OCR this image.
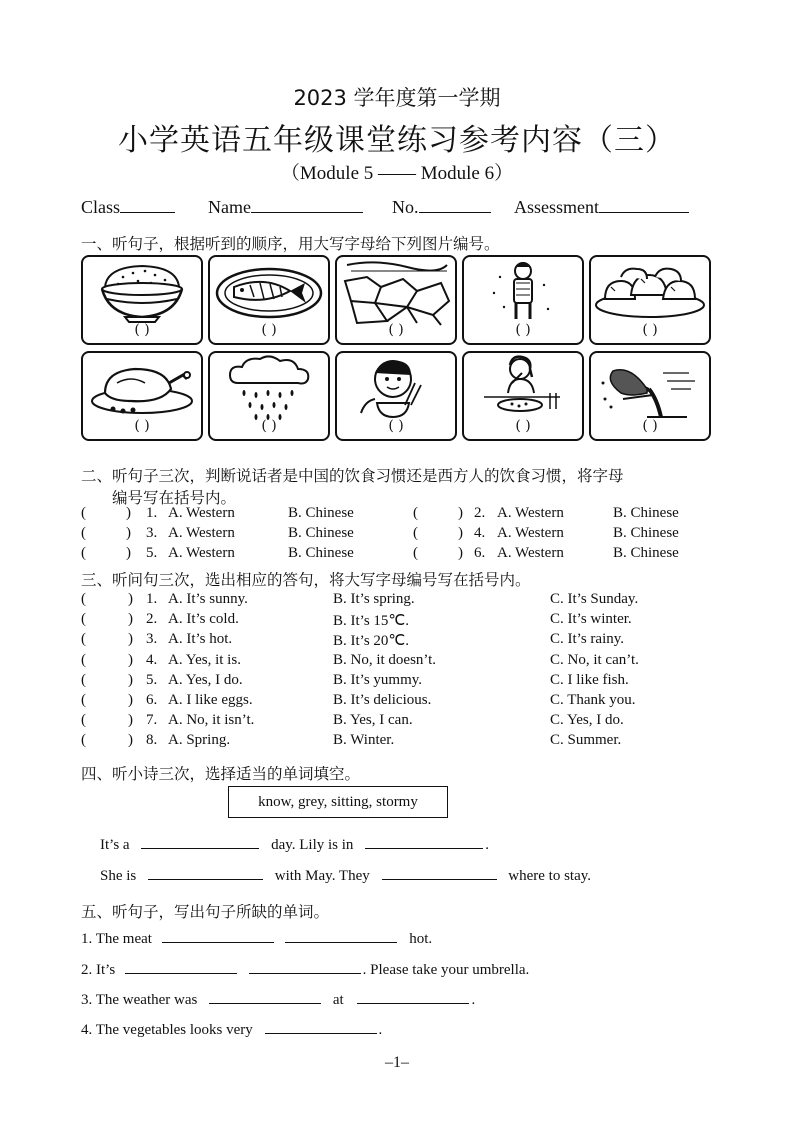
2023 学年度第一学期
小学英语五年级课堂练习参考内容（三）
（Module 5 —— Module 6）
Class	Name	No.	Assessment
一、听句子，根据听到的顺序，用大写字母给下列图片编号。
( )	( )	( )	( )	( )
( )	( )	( )	( )	( )
二、听句子三次，判断说话者是中国的饮食习惯还是西方人的饮食习惯，将字母
编号写在括号内。
(	) 1. A. Western	B. Chinese	(	) 2. A. Western	B. Chinese
(	) 3. A. Western	B. Chinese	(	) 4. A. Western	B. Chinese
(	) 5. A. Western	B. Chinese	(	) 6. A. Western	B. Chinese
三、听问句三次，选出相应的答句，将大写字母编号写在括号内。
(	) 1. A. It’s sunny.	B. It’s spring.	C. It’s Sunday.
(	) 2. A. It’s cold.	B. It’s 15℃.	C. It’s winter.
(	) 3. A. It’s hot.	B. It’s 20℃.	C. It’s rainy.
(	) 4. A. Yes, it is.	B. No, it doesn’t.	C. No, it can’t.
(	) 5. A. Yes, I do.	B. It’s yummy.	C. I like fish.
(	) 6. A. I like eggs.	B. It’s delicious.	C. Thank you.
(	) 7. A. No, it isn’t.	B. Yes, I can.	C. Yes, I do.
(	) 8. A. Spring.	B. Winter.	C. Summer.
四、听小诗三次，选择适当的单词填空。
know, grey, sitting, stormy
It’s a	day. Lily is in	.
She is	with May. They	where to stay.
五、听句子，写出句子所缺的单词。
1. The meat	hot.
2. It’s	. Please take your umbrella.
3. The weather was	at	.
4. The vegetables looks very	.
–1–
